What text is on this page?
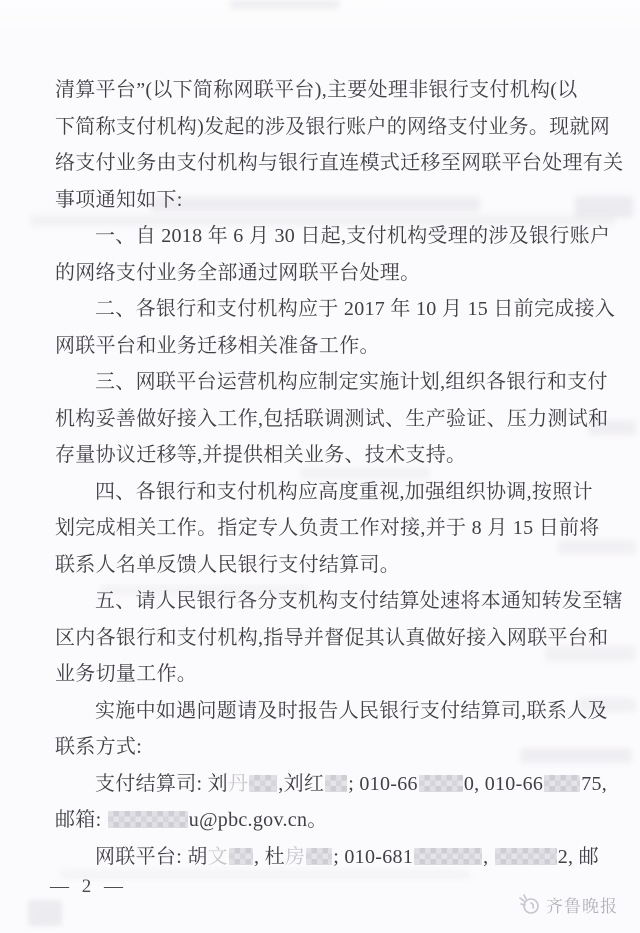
清算平台”(以下简称网联平台),主要处理非银行支付机构(以
下简称支付机构)发起的涉及银行账户的网络支付业务。现就网
络支付业务由支付机构与银行直连模式迁移至网联平台处理有关
事项通知如下:
一、自 2018 年 6 月 30 日起,支付机构受理的涉及银行账户
的网络支付业务全部通过网联平台处理。
二、各银行和支付机构应于 2017 年 10 月 15 日前完成接入
网联平台和业务迁移相关准备工作。
三、网联平台运营机构应制定实施计划,组织各银行和支付
机构妥善做好接入工作,包括联调测试、生产验证、压力测试和
存量协议迁移等,并提供相关业务、技术支持。
四、各银行和支付机构应高度重视,加强组织协调,按照计
划完成相关工作。指定专人负责工作对接,并于 8 月 15 日前将
联系人名单反馈人民银行支付结算司。
五、请人民银行各分支机构支付结算处速将本通知转发至辖
区内各银行和支付机构,指导并督促其认真做好接入网联平台和
业务切量工作。
实施中如遇问题请及时报告人民银行支付结算司,联系人及
联系方式:
支付结算司: 刘丹 ,刘红 ; 010-66 0, 010-66 75,
邮箱:	u@pbc.gov.cn。
网联平台: 胡文 , 杜房 ; 010-681	,	2, 邮
— 2 —
齐鲁晚报
